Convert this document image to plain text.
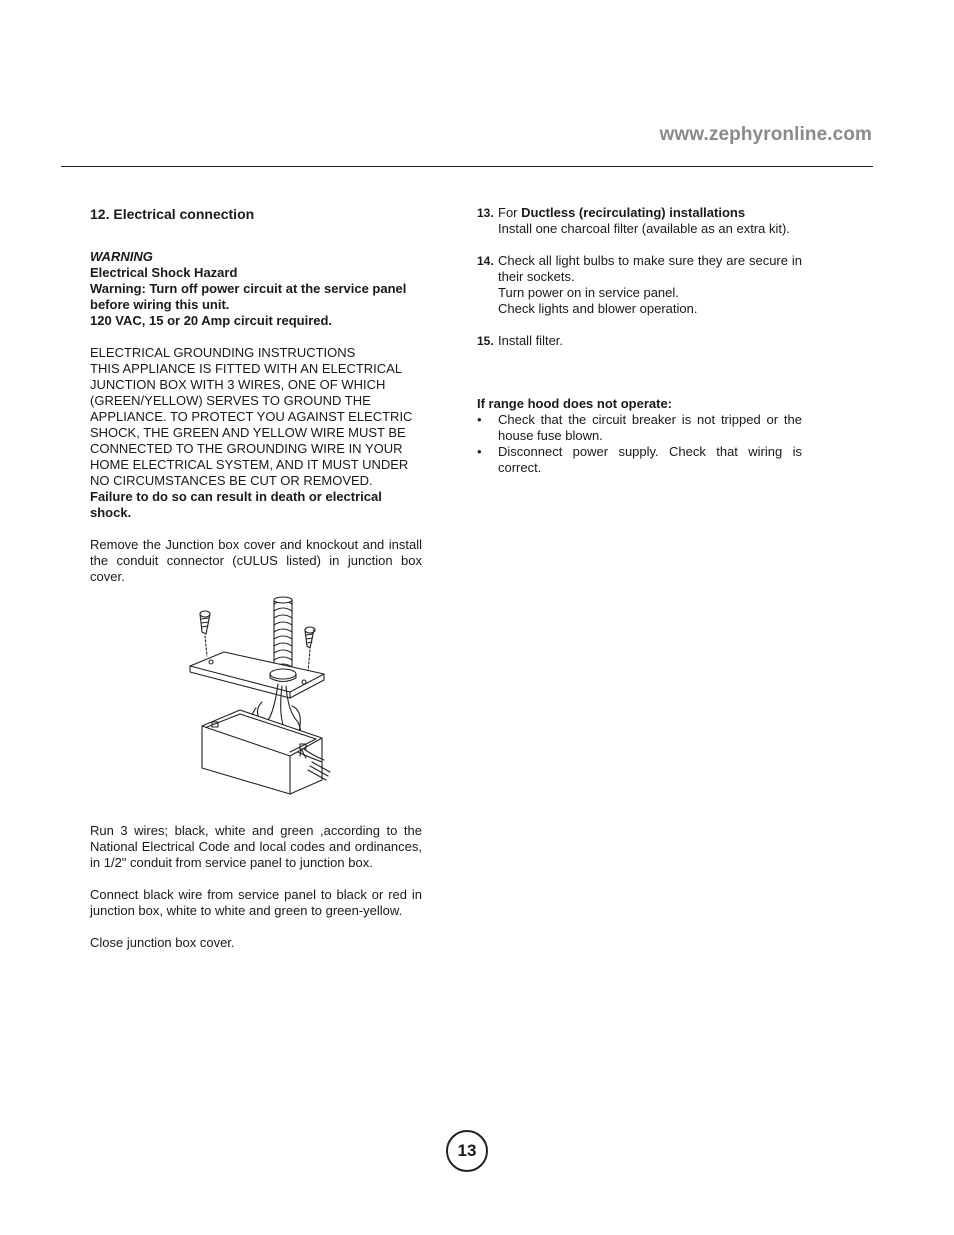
www.zephyronline.com

12. Electrical connection

WARNING

Electrical Shock Hazard

Warning: Turn off power circuit at the service panel before wiring this unit.

120 VAC, 15 or 20 Amp circuit required.

ELECTRICAL GROUNDING INSTRUCTIONS

THIS APPLIANCE IS FITTED WITH AN ELECTRICAL

JUNCTION BOX WITH 3 WIRES, ONE OF WHICH

(GREEN/YELLOW) SERVES TO GROUND THE

APPLIANCE. TO PROTECT YOU AGAINST ELECTRIC

SHOCK, THE GREEN AND YELLOW WIRE MUST BE

CONNECTED TO THE GROUNDING WIRE IN YOUR

HOME ELECTRICAL SYSTEM, AND IT MUST UNDER

NO CIRCUMSTANCES BE CUT OR REMOVED.

Failure to do so can result in death or electrical shock.

Remove the Junction box cover and knockout and install the conduit connector (cULUS listed) in junction box cover.

Run 3 wires; black, white and green ,according to the National Electrical Code and local codes and ordinances, in 1/2" conduit from service panel to junction box.

Connect black wire from service panel to black or red in junction box, white to white and green to green-yellow.

Close junction box cover.

13. For Ductless (recirculating) installations

Install one charcoal filter (available as an extra kit).

14. Check all light bulbs to make sure they are secure in their sockets.

Turn power on in service panel.

Check lights and blower operation.

15. Install filter.

If range hood does not operate:

• Check that the circuit breaker is not tripped or the house fuse blown.

• Disconnect power supply. Check that wiring is correct.

13
